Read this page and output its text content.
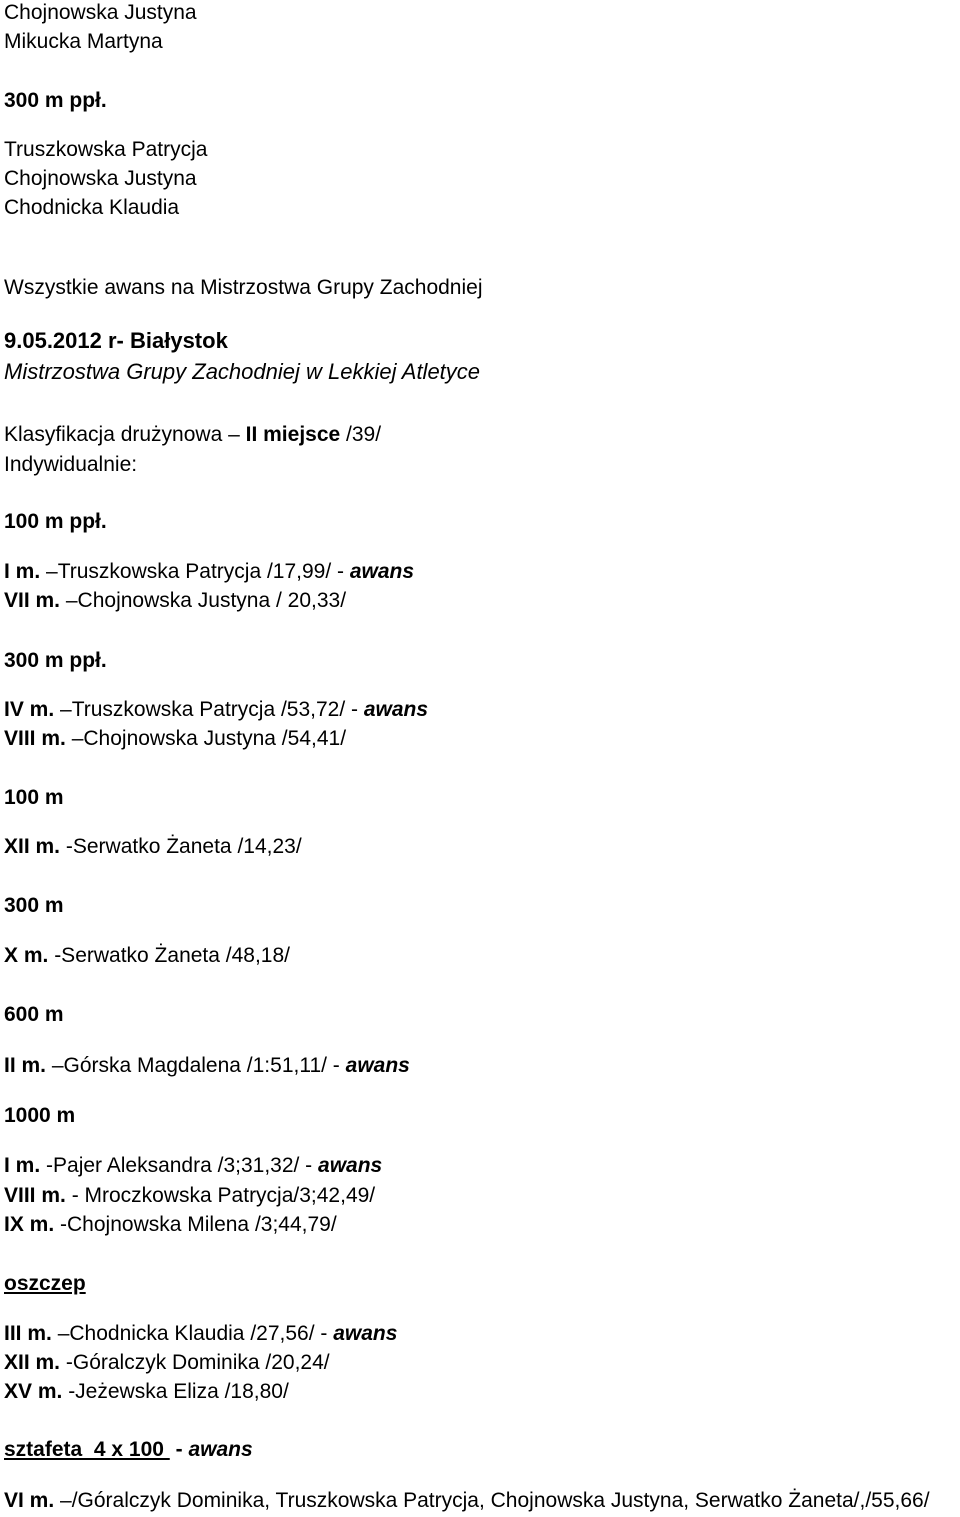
Chojnowska Justyna
Mikucka Martyna
300 m ppł.
Truszkowska Patrycja
Chojnowska Justyna
Chodnicka Klaudia
Wszystkie awans na Mistrzostwa Grupy Zachodniej
9.05.2012 r- Białystok
Mistrzostwa Grupy Zachodniej w Lekkiej Atletyce
Klasyfikacja drużynowa – II miejsce /39/
Indywidualnie:
100 m ppł.
I m. –Truszkowska Patrycja /17,99/ - awans
VII m. –Chojnowska Justyna / 20,33/
300 m ppł.
IV m. –Truszkowska Patrycja /53,72/ - awans
VIII m. –Chojnowska Justyna /54,41/
100 m
XII m. -Serwatko Żaneta /14,23/
300 m
X m. -Serwatko Żaneta /48,18/
600 m
II m. –Górska Magdalena /1:51,11/ - awans
1000 m
I m. -Pajer Aleksandra /3;31,32/ - awans
VIII m. - Mroczkowska Patrycja/3;42,49/
IX m. -Chojnowska Milena /3;44,79/
oszczep
III m. –Chodnicka Klaudia /27,56/ - awans
XII m. -Góralczyk Dominika /20,24/
XV m. -Jeżewska Eliza /18,80/
sztafeta  4 x 100  - awans
VI m. –/Góralczyk Dominika, Truszkowska Patrycja, Chojnowska Justyna, Serwatko Żaneta/,/55,66/
